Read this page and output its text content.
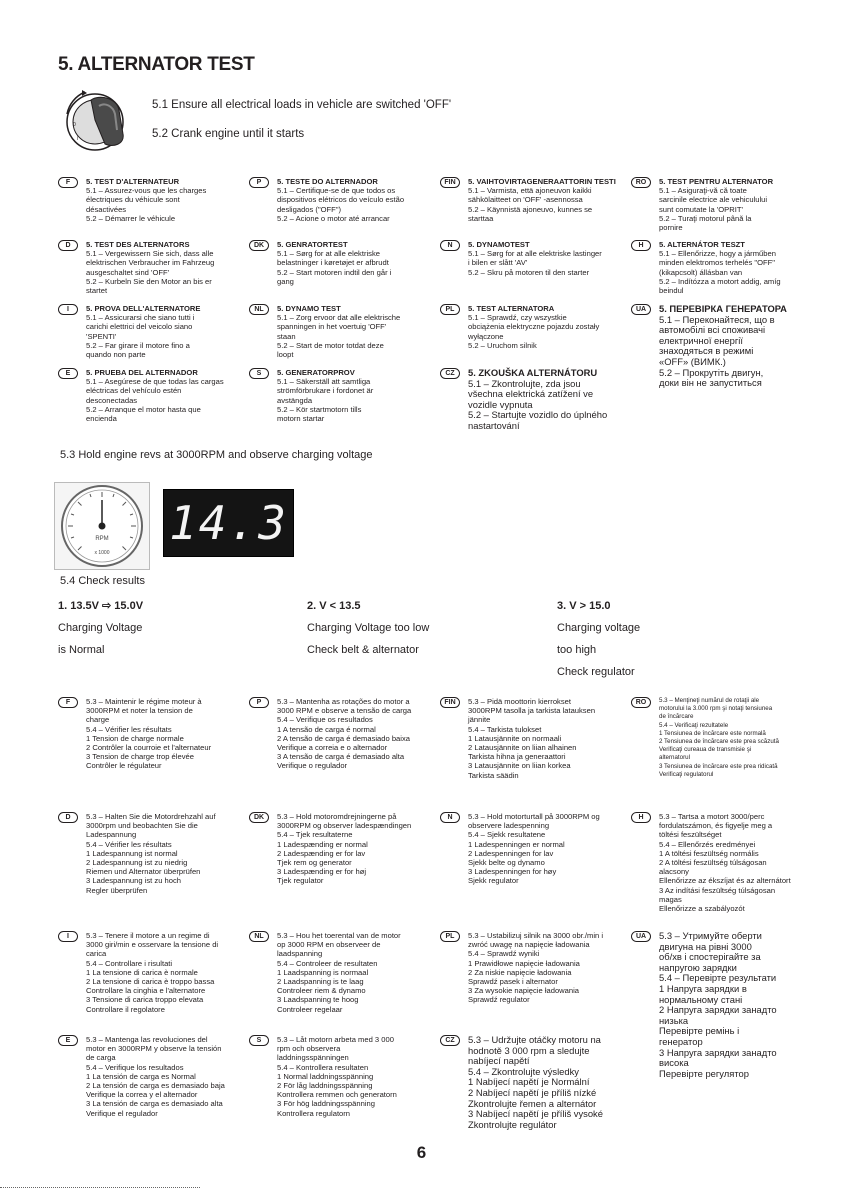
5. ALTERNATOR TEST
0
I
5.1 Ensure all electrical loads in vehicle are switched 'OFF'
5.2 Crank engine until it starts
F	5. TEST D'ALTERNATEUR
5.1 – Assurez-vous que les charges
électriques du véhicule sont
désactivées
5.2 – Démarrer le véhicule
P	5. TESTE DO ALTERNADOR
5.1 – Certifique-se de que todos os
dispositivos elétricos do veículo estão
desligados ("OFF")
5.2 – Acione o motor até arrancar
FIN	5. VAIHTOVIRTAGENERAATTORIN TESTI
5.1 – Varmista, että ajoneuvon kaikki
sähkölaitteet on 'OFF' -asennossa
5.2 – Käynnistä ajoneuvo, kunnes se
starttaa
RO	5. TEST PENTRU ALTERNATOR
5.1 – Asiguraţi-vă că toate
sarcinile electrice ale vehiculului
sunt comutate la 'OPRIT'
5.2 – Turaţi motorul până la
pornire
D	5. TEST DES ALTERNATORS
5.1 – Vergewissern Sie sich, dass alle
elektrischen Verbraucher im Fahrzeug
ausgeschaltet sind 'OFF'
5.2 – Kurbeln Sie den Motor an bis er
startet
DK	5. GENRATORTEST
5.1 – Sørg for at alle elektriske
belastninger i køretøjet er afbrudt
5.2 – Start motoren indtil den går i
gang
N	5. DYNAMOTEST
5.1 – Sørg for at alle elektriske lastinger
i bilen er slått 'AV'
5.2 – Skru på motoren til den starter
H	5. ALTERNÁTOR TESZT
5.1 – Ellenőrizze, hogy a járműben
minden elektromos terhelés "OFF"
(kikapcsolt) állásban van
5.2 – Indítózza a motort addig, amíg
beindul
I	5. PROVA DELL'ALTERNATORE
5.1 – Assicurarsi che siano tutti i
carichi elettrici del veicolo siano
'SPENTI'
5.2 – Far girare il motore fino a
quando non parte
NL	5. DYNAMO TEST
5.1 – Zorg ervoor dat alle elektrische
spanningen in het voertuig 'OFF'
staan
5.2 – Start de motor totdat deze
loopt
PL	5. TEST ALTERNATORA
5.1 – Sprawdź, czy wszystkie
obciążenia elektryczne pojazdu zostały
wyłączone
5.2 – Uruchom silnik
UA	5. ПЕРЕВІРКА ГЕНЕРАТОРА
5.1 – Переконайтеся, що в
автомобілі всі споживачі
електричної енергії
знаходяться в режимі
«OFF» (ВИМК.)
5.2 – Прокрутіть двигун,
доки він не запуститься
E	5. PRUEBA DEL ALTERNADOR
5.1 – Asegúrese de que todas las cargas
eléctricas del vehículo estén
desconectadas
5.2 – Arranque el motor hasta que
encienda
S	5. GENERATORPROV
5.1 – Säkerställ att samtliga
strömförbrukare i fordonet är
avstängda
5.2 – Kör startmotorn tills
motorn startar
CZ	5. ZKOUŠKA ALTERNÁTORU
5.1 – Zkontrolujte, zda jsou
všechna elektrická zatížení ve
vozidle vypnuta
5.2 – Startujte vozidlo do úplného
nastartování
5.3 Hold engine revs at 3000RPM and observe charging voltage
RPM
x 1000
14.3
5.4 Check results
1. 13.5V ⇨ 15.0V
Charging Voltage
is Normal
2. V < 13.5
Charging Voltage too low
Check belt & alternator
3. V > 15.0
Charging voltage
too high
Check regulator
F	5.3 – Maintenir le régime moteur à
3000RPM et noter la tension de
charge
5.4 – Vérifier les résultats
1 Tension de charge normale
2 Contrôler la courroie et l'alternateur
3 Tension de charge trop élevée
Contrôler le régulateur
P	5.3 – Mantenha as rotações do motor a
3000 RPM e observe a tensão de carga
5.4 – Verifique os resultados
1 A tensão de carga é normal
2 A tensão de carga é demasiado baixa
Verifique a correia e o alternador
3 A tensão de carga é demasiado alta
Verifique o regulador
FIN	5.3 – Pidä moottorin kierrokset
3000RPM tasolla ja tarkista latauksen
jännite
5.4 – Tarkista tulokset
1 Latausjännite on normaali
2 Latausjännite on liian alhainen
Tarkista hihna ja generaattori
3 Latausjännite on liian korkea
Tarkista säädin
RO	5.3 – Menţineţi numărul de rotaţii ale
motorului la 3.000 rpm şi notaţi tensiunea
de încărcare
5.4 – Verificaţi rezultatele
1 Tensiunea de încărcare este normală
2 Tensiunea de încărcare este prea scăzută
Verificaţi cureaua de transmisie şi
alternatorul
3 Tensiunea de încărcare este prea ridicată
Verificaţi regulatorul
D	5.3 – Halten Sie die Motordrehzahl auf
3000rpm und beobachten Sie die
Ladespannung
5.4 – Vérifier les résultats
1 Ladespannung ist normal
2 Ladespannung ist zu niedrig
Riemen und Alternator überprüfen
3 Ladespannung ist zu hoch
Regler überprüfen
DK	5.3 – Hold motoromdrejningerne på
3000RPM og observer ladespændingen
5.4 – Tjek resultaterne
1 Ladespænding er normal
2 Ladespænding er for lav
Tjek rem og generator
3 Ladespænding er for høj
Tjek regulator
N	5.3 – Hold motorturtall på 3000RPM og
observere ladespenning
5.4 – Sjekk resultatene
1 Ladespenningen er normal
2 Ladespenningen for lav
Sjekk belte og dynamo
3 Ladespenningen for høy
Sjekk regulator
H	5.3 – Tartsa a motort 3000/perc
fordulatszámon, és figyelje meg a
töltési feszültséget
5.4 – Ellenőrzés eredményei
1 A töltési feszültség normális
2 A töltési feszültség túlságosan
alacsony
Ellenőrizze az ékszíjat és az alternátort
3 Az indítási feszültség túlságosan
magas
Ellenőrizze a szabályozót
I	5.3 – Tenere il motore a un regime di
3000 giri/min e osservare la tensione di
carica
5.4 – Controllare i risultati
1 La tensione di carica è normale
2 La tensione di carica è troppo bassa
Controllare la cinghia e l'alternatore
3 Tensione di carica troppo elevata
Controllare il regolatore
NL	5.3 – Hou het toerental van de motor
op 3000 RPM en observeer de
laadspanning
5.4 – Controleer de resultaten
1 Laadspanning is normaal
2 Laadspanning is te laag
Controleer riem & dynamo
3 Laadspanning te hoog
Controleer regelaar
PL	5.3 – Ustabilizuj silnik na 3000 obr./min i
zwróć uwagę na napięcie ładowania
5.4 – Sprawdź wyniki
1 Prawidłowe napięcie ładowania
2 Za niskie napięcie ładowania
Sprawdź pasek i alternator
3 Za wysokie napięcie ładowania
Sprawdź regulator
UA	5.3 – Утримуйте оберти
двигуна на рівні 3000
об/хв і спостерігайте за
напругою зарядки
5.4 – Перевірте результати
1 Напруга зарядки в
нормальному стані
2 Напруга зарядки занадто
низька
Перевірте ремінь і
генератор
3 Напруга зарядки занадто
висока
Перевірте регулятор
E	5.3 – Mantenga las revoluciones del
motor en 3000RPM y observe la tensión
de carga
5.4 – Verifique los resultados
1 La tensión de carga es Normal
2 La tensión de carga es demasiado baja
Verifique la correa y el alternador
3 La tensión de carga es demasiado alta
Verifique el regulador
S	5.3 – Låt motorn arbeta med 3 000
rpm och observera
laddningsspänningen
5.4 – Kontrollera resultaten
1 Normal laddningsspänning
2 För låg laddningsspänning
Kontrollera remmen och generatorn
3 För hög laddningsspänning
Kontrollera regulatorn
CZ	5.3 – Udržujte otáčky motoru na
hodnotě 3 000 rpm a sledujte
nabíjecí napětí
5.4 – Zkontrolujte výsledky
1 Nabíjecí napětí je Normální
2 Nabíjecí napětí je příliš nízké
Zkontrolujte řemen a alternátor
3 Nabíjecí napětí je příliš vysoké
Zkontrolujte regulátor
6
